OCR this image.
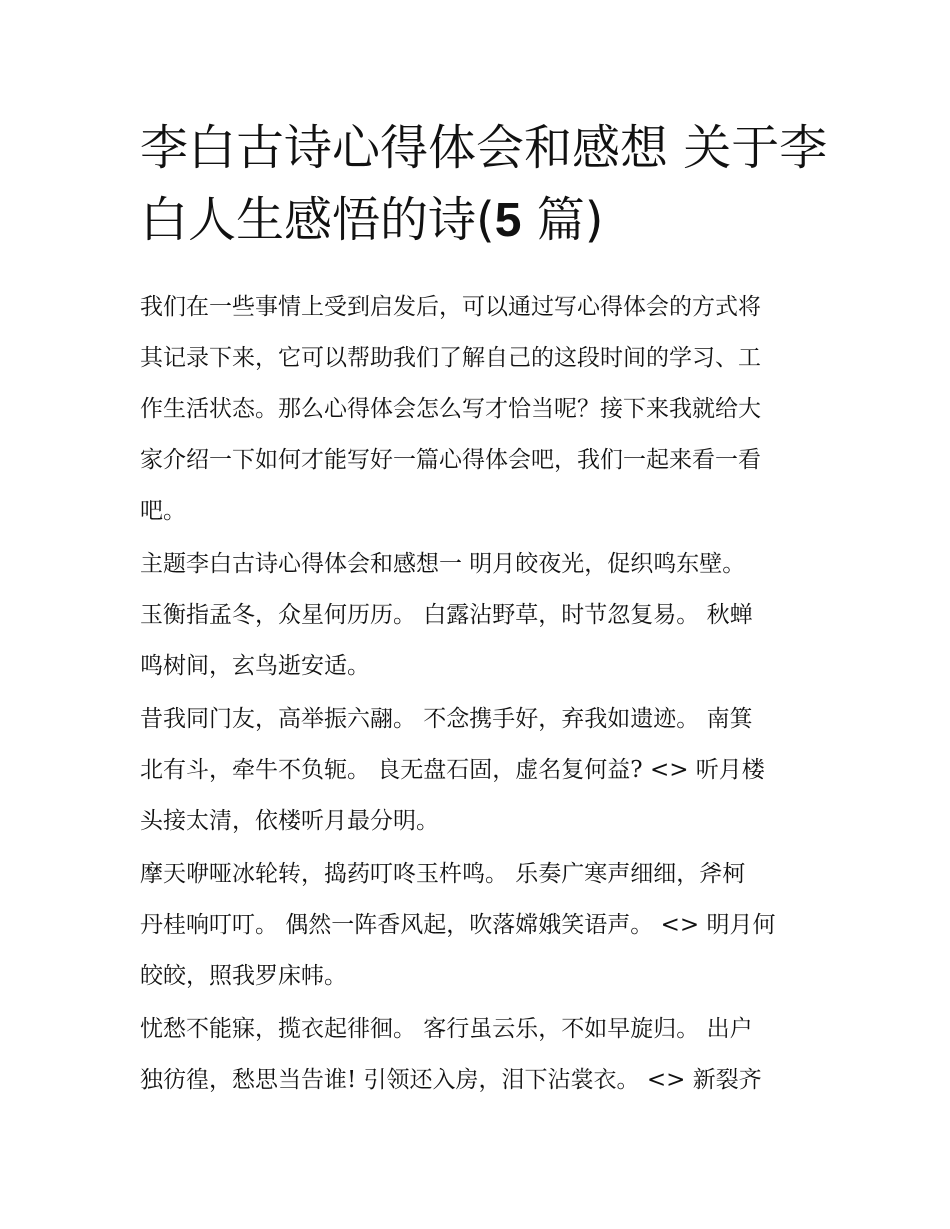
李白古诗心得体会和感想 关于李白人生感悟的诗(5 篇)

我们在一些事情上受到启发后，可以通过写心得体会的方式将
其记录下来，它可以帮助我们了解自己的这段时间的学习、工
作生活状态。那么心得体会怎么写才恰当呢？接下来我就给大
家介绍一下如何才能写好一篇心得体会吧，我们一起来看一看
吧。

主题李白古诗心得体会和感想一 明月皎夜光，促织鸣东壁。
玉衡指孟冬，众星何历历。 白露沾野草，时节忽复易。 秋蝉
鸣树间，玄鸟逝安适。

昔我同门友，高举振六翮。 不念携手好，弃我如遗迹。 南箕
北有斗，牵牛不负轭。 良无盘石固，虚名复何益? <> 听月楼
头接太清，依楼听月最分明。

摩天咿哑冰轮转，捣药叮咚玉杵鸣。 乐奏广寒声细细，斧柯
丹桂响叮叮。 偶然一阵香风起，吹落嫦娥笑语声。 <> 明月何
皎皎，照我罗床帏。

忧愁不能寐，揽衣起徘徊。 客行虽云乐，不如早旋归。 出户
独彷徨，愁思当告谁! 引领还入房，泪下沾裳衣。 <> 新裂齐
